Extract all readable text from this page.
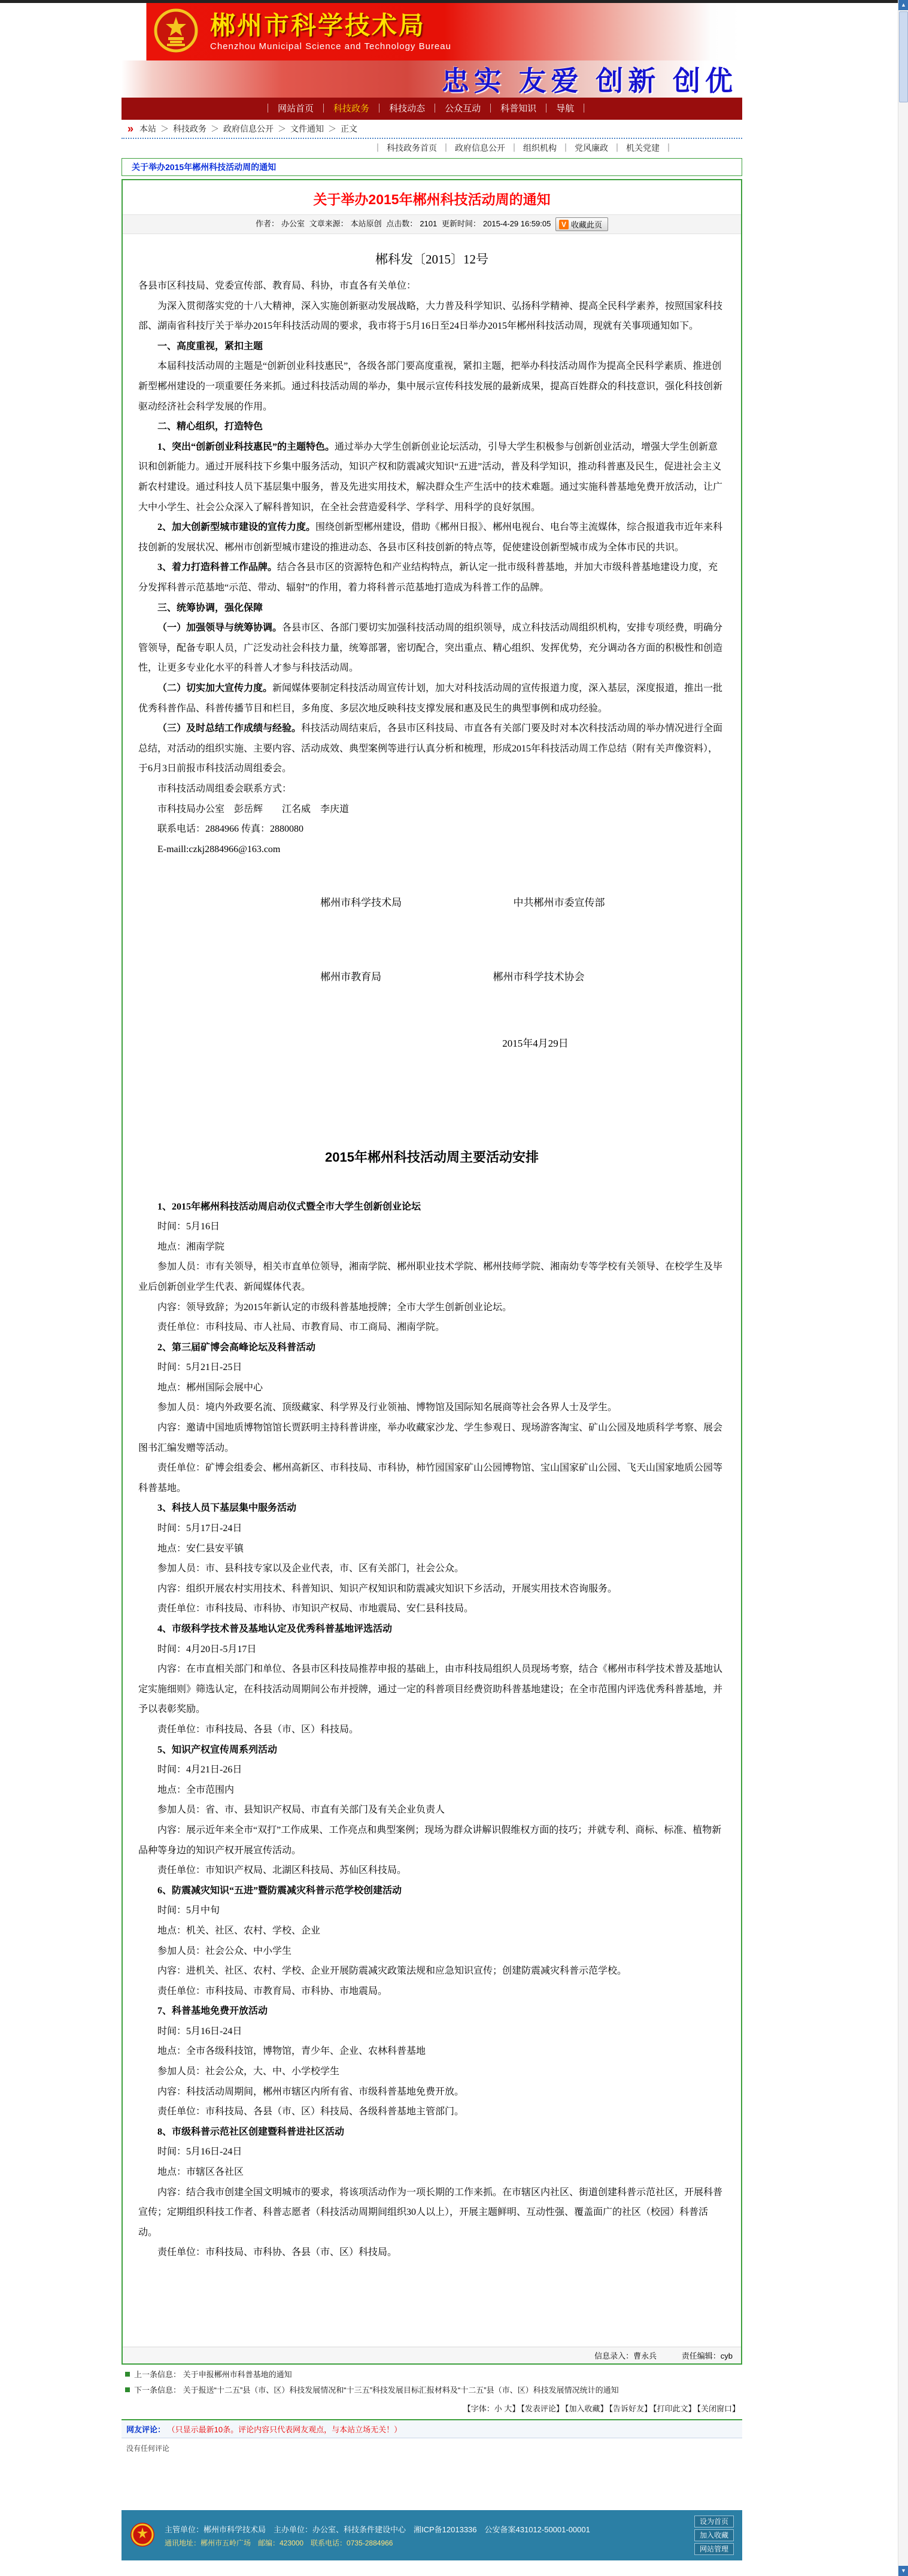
郴州市科学技术局
Chenzhou Municipal Science and Technology Bureau
忠实 友爱 创新 创优
｜ 网站首页 ｜ 科技政务 ｜ 科技动态 ｜ 公众互动 ｜ 科普知识 ｜ 导航 ｜
» 本站 ＞ 科技政务 ＞ 政府信息公开 ＞ 文件通知 ＞ 正文
｜ 科技政务首页 ｜ 政府信息公开 ｜ 组织机构 ｜ 党风廉政 ｜ 机关党建 ｜
关于举办2015年郴州科技活动周的通知
关于举办2015年郴州科技活动周的通知
作者： 办公室 文章来源： 本站原创 点击数： 2101 更新时间： 2015-4-29 16:59:05	V 收藏此页
郴科发〔2015〕12号
各县市区科技局、党委宣传部、教育局、科协，市直各有关单位：
为深入贯彻落实党的十八大精神，深入实施创新驱动发展战略，大力普及科学知识、弘扬科学精神、提高全民科学素养，按照国家科技部、湖南省科技厅关于举办2015年科技活动周的要求，我市将于5月16日至24日举办2015年郴州科技活动周，现就有关事项通知如下。
一、高度重视，紧扣主题
本届科技活动周的主题是“创新创业科技惠民”，各级各部门要高度重视，紧扣主题，把举办科技活动周作为提高全民科学素质、推进创新型郴州建设的一项重要任务来抓。通过科技活动周的举办，集中展示宣传科技发展的最新成果，提高百姓群众的科技意识，强化科技创新驱动经济社会科学发展的作用。
二、精心组织，打造特色
1、突出“创新创业科技惠民”的主题特色。通过举办大学生创新创业论坛活动，引导大学生积极参与创新创业活动，增强大学生创新意识和创新能力。通过开展科技下乡集中服务活动，知识产权和防震减灾知识“五进”活动，普及科学知识，推动科普惠及民生，促进社会主义新农村建设。通过科技人员下基层集中服务，普及先进实用技术，解决群众生产生活中的技术难题。通过实施科普基地免费开放活动，让广大中小学生、社会公众深入了解科普知识，在全社会营造爱科学、学科学、用科学的良好氛围。
2、加大创新型城市建设的宣传力度。围绕创新型郴州建设，借助《郴州日报》、郴州电视台、电台等主流媒体，综合报道我市近年来科技创新的发展状况、郴州市创新型城市建设的推进动态、各县市区科技创新的特点等，促使建设创新型城市成为全体市民的共识。
3、着力打造科普工作品牌。结合各县市区的资源特色和产业结构特点，新认定一批市级科普基地，并加大市级科普基地建设力度，充分发挥科普示范基地“示范、带动、辐射”的作用，着力将科普示范基地打造成为科普工作的品牌。
三、统筹协调，强化保障
（一）加强领导与统筹协调。各县市区、各部门要切实加强科技活动周的组织领导，成立科技活动周组织机构，安排专项经费，明确分管领导，配备专职人员，广泛发动社会科技力量，统筹部署，密切配合，突出重点、精心组织、发挥优势，充分调动各方面的积极性和创造性，让更多专业化水平的科普人才参与科技活动周。
（二）切实加大宣传力度。新闻媒体要制定科技活动周宣传计划，加大对科技活动周的宣传报道力度，深入基层，深度报道，推出一批优秀科普作品、科普传播节目和栏目，多角度、多层次地反映科技支撑发展和惠及民生的典型事例和成功经验。
（三）及时总结工作成绩与经验。科技活动周结束后，各县市区科技局、市直各有关部门要及时对本次科技活动周的举办情况进行全面总结，对活动的组织实施、主要内容、活动成效、典型案例等进行认真分析和梳理，形成2015年科技活动周工作总结（附有关声像资料），于6月3日前报市科技活动周组委会。
市科技活动周组委会联系方式：
市科技局办公室　彭岳辉　　江名威　李庆道
联系电话：2884966 传真：2880080
E-maill:czkj2884966@163.com
郴州市科学技术局	中共郴州市委宣传部
郴州市教育局	郴州市科学技术协会
2015年4月29日
2015年郴州科技活动周主要活动安排
1、2015年郴州科技活动周启动仪式暨全市大学生创新创业论坛
时间：5月16日
地点：湘南学院
参加人员：市有关领导，相关市直单位领导，湘南学院、郴州职业技术学院、郴州技师学院、湘南幼专等学校有关领导、在校学生及毕业后创新创业学生代表、新闻媒体代表。
内容：领导致辞；为2015年新认定的市级科普基地授牌；全市大学生创新创业论坛。
责任单位：市科技局、市人社局、市教育局、市工商局、湘南学院。
2、第三届矿博会高峰论坛及科普活动
时间：5月21日-25日
地点：郴州国际会展中心
参加人员：境内外政要名流、顶级藏家、科学界及行业领袖、博物馆及国际知名展商等社会各界人士及学生。
内容：邀请中国地质博物馆馆长贾跃明主持科普讲座，举办收藏家沙龙、学生参观日、现场游客淘宝、矿山公园及地质科学考察、展会图书汇编发赠等活动。
责任单位：矿博会组委会、郴州高新区、市科技局、市科协，柿竹园国家矿山公园博物馆、宝山国家矿山公园、飞天山国家地质公园等科普基地。
3、科技人员下基层集中服务活动
时间：5月17日-24日
地点：安仁县安平镇
参加人员：市、县科技专家以及企业代表，市、区有关部门，社会公众。
内容：组织开展农村实用技术、科普知识、知识产权知识和防震减灾知识下乡活动，开展实用技术咨询服务。
责任单位：市科技局、市科协、市知识产权局、市地震局、安仁县科技局。
4、市级科学技术普及基地认定及优秀科普基地评选活动
时间：4月20日-5月17日
内容：在市直相关部门和单位、各县市区科技局推荐申报的基础上，由市科技局组织人员现场考察，结合《郴州市科学技术普及基地认定实施细则》筛选认定，在科技活动周期间公布并授牌，通过一定的科普项目经费资助科普基地建设；在全市范围内评选优秀科普基地，并予以表彰奖励。
责任单位：市科技局、各县（市、区）科技局。
5、知识产权宣传周系列活动
时间：4月21日-26日
地点：全市范围内
参加人员：省、市、县知识产权局、市直有关部门及有关企业负责人
内容：展示近年来全市“双打”工作成果、工作亮点和典型案例；现场为群众讲解识假维权方面的技巧；并就专利、商标、标准、植物新品种等身边的知识产权开展宣传活动。
责任单位：市知识产权局、北湖区科技局、苏仙区科技局。
6、防震减灾知识“五进”暨防震减灾科普示范学校创建活动
时间：5月中旬
地点：机关、社区、农村、学校、企业
参加人员：社会公众、中小学生
内容：进机关、社区、农村、学校、企业开展防震减灾政策法规和应急知识宣传；创建防震减灾科普示范学校。
责任单位：市科技局、市教育局、市科协、市地震局。
7、科普基地免费开放活动
时间：5月16日-24日
地点：全市各级科技馆，博物馆，青少年、企业、农林科普基地
参加人员：社会公众，大、中、小学校学生
内容：科技活动周期间，郴州市辖区内所有省、市级科普基地免费开放。
责任单位：市科技局、各县（市、区）科技局、各级科普基地主管部门。
8、市级科普示范社区创建暨科普进社区活动
时间：5月16日-24日
地点：市辖区各社区
内容：结合我市创建全国文明城市的要求，将该项活动作为一项长期的工作来抓。在市辖区内社区、街道创建科普示范社区，开展科普宣传；定期组织科技工作者、科普志愿者（科技活动周期间组织30人以上），开展主题鲜明、互动性强、覆盖面广的社区（校园）科普活动。
责任单位：市科技局、市科协、各县（市、区）科技局。
信息录入：曹永兵	责任编辑：cyb
上一条信息： 关于申报郴州市科普基地的通知
下一条信息： 关于报送“十二五”县（市、区）科技发展情况和“十三五”科技发展目标汇报材料及“十二五”县（市、区）科技发展情况统计的通知
【字体：小 大】 【发表评论】 【加入收藏】 【告诉好友】 【打印此文】 【关闭窗口】
网友评论： （只显示最新10条。评论内容只代表网友观点，与本站立场无关！）
没有任何评论
主管单位：郴州市科学技术局　主办单位：办公室、科技条件建设中心　湘ICP备12013336　公安备案431012-50001-00001
通讯地址：郴州市五岭广场　邮编：423000　联系电话：0735-2884966
设为首页
加入收藏
网站管理
▲
▼
